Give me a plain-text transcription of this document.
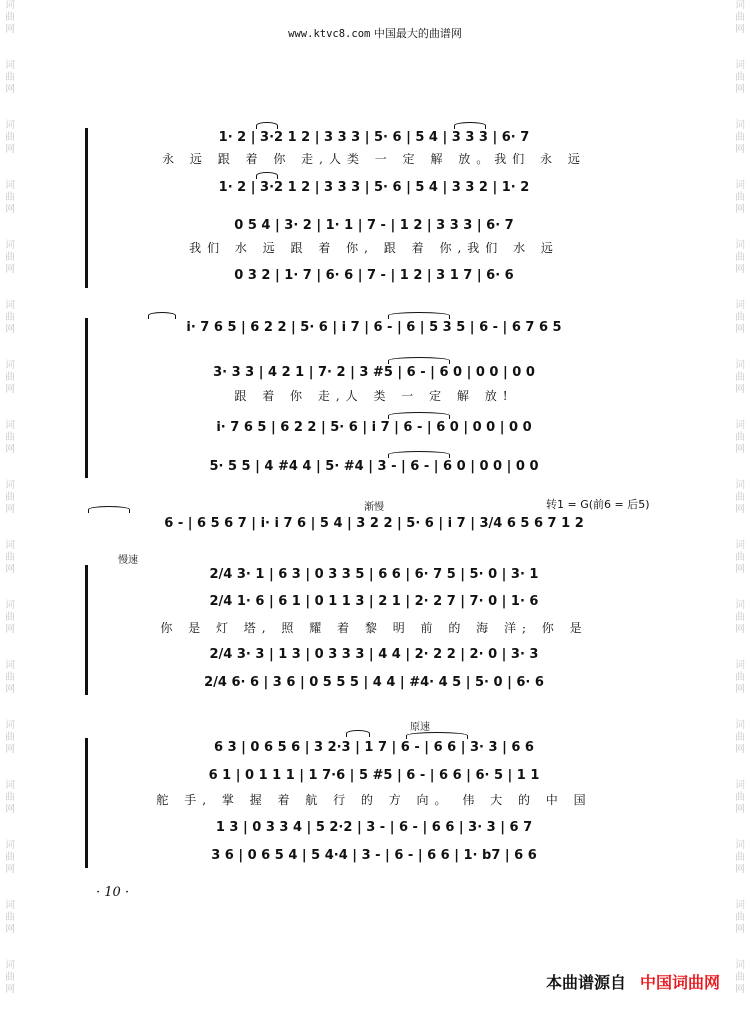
词
曲
网
词
曲
网
词
曲
网
词
曲
网
词
曲
网
词
曲
网
词
曲
网
词
曲
网
词
曲
网
词
曲
网
词
曲
网
词
曲
网
词
曲
网
词
曲
网
词
曲
网
词
曲
网
词
曲
网
词
曲
网
词
曲
网
词
曲
网
词
曲
网
词
曲
网
词
曲
网
词
曲
网
词
曲
网
词
曲
网
词
曲
网
词
曲
网
词
曲
网
词
曲
网
词
曲
网
词
曲
网
词
曲
网
词
曲
网
www.ktvc8.com 中国最大的曲谱网
1· 2 | 3·2 1 2 | 3 3 3 | 5· 6 | 5 4 | 3 3 3 | 6· 7
永 远 跟 着 你 走,人类 一 定 解 放。我们 永 远
1· 2 | 3·2 1 2 | 3 3 3 | 5· 6 | 5 4 | 3 3 2 | 1· 2
0 5 4 | 3· 2 | 1· 1 | 7 - | 1 2 | 3 3 3 | 6· 7
我们 水 远 跟 着 你, 跟 着 你,我们 水 远
0 3 2 | 1· 7 | 6· 6 | 7 - | 1 2 | 3 1 7 | 6· 6
i· 7 6 5 | 6 2 2 | 5· 6 | i 7 | 6 - | 6 | 5 3 5 | 6 - | 6 7 6 5
3· 3 3 | 4 2 1 | 7· 2 | 3 #5 | 6 - | 6 0 | 0 0 | 0 0
跟 着 你 走,人 类 一 定 解 放!
i· 7 6 5 | 6 2 2 | 5· 6 | i 7 | 6 - | 6 0 | 0 0 | 0 0
5· 5 5 | 4 #4 4 | 5· #4 | 3 - | 6 - | 6 0 | 0 0 | 0 0
渐慢	转1 = G(前6 = 后5)
6 - | 6 5 6 7 | i· i 7 6 | 5 4 | 3 2 2 | 5· 6 | i 7 | 3/4 6 5 6 7 1 2
慢速
2/4 3· 1 | 6 3 | 0 3 3 5 | 6 6 | 6· 7 5 | 5· 0 | 3· 1
2/4 1· 6 | 6 1 | 0 1 1 3 | 2 1 | 2· 2 7 | 7· 0 | 1· 6
你 是 灯 塔, 照 耀 着 黎 明 前 的 海 洋; 你 是
2/4 3· 3 | 1 3 | 0 3 3 3 | 4 4 | 2· 2 2 | 2· 0 | 3· 3
2/4 6· 6 | 3 6 | 0 5 5 5 | 4 4 | #4· 4 5 | 5· 0 | 6· 6
原速
6 3 | 0 6 5 6 | 3 2·3 | 1 7 | 6 - | 6 6 | 3· 3 | 6 6
6 1 | 0 1 1 1 | 1 7·6 | 5 #5 | 6 - | 6 6 | 6· 5 | 1 1
舵 手, 掌 握 着 航 行 的 方 向。 伟 大 的 中 国
1 3 | 0 3 3 4 | 5 2·2 | 3 - | 6 - | 6 6 | 3· 3 | 6 7
3 6 | 0 6 5 4 | 5 4·4 | 3 - | 6 - | 6 6 | 1· b7 | 6 6
· 10 ·
本曲谱源自 中国词曲网
